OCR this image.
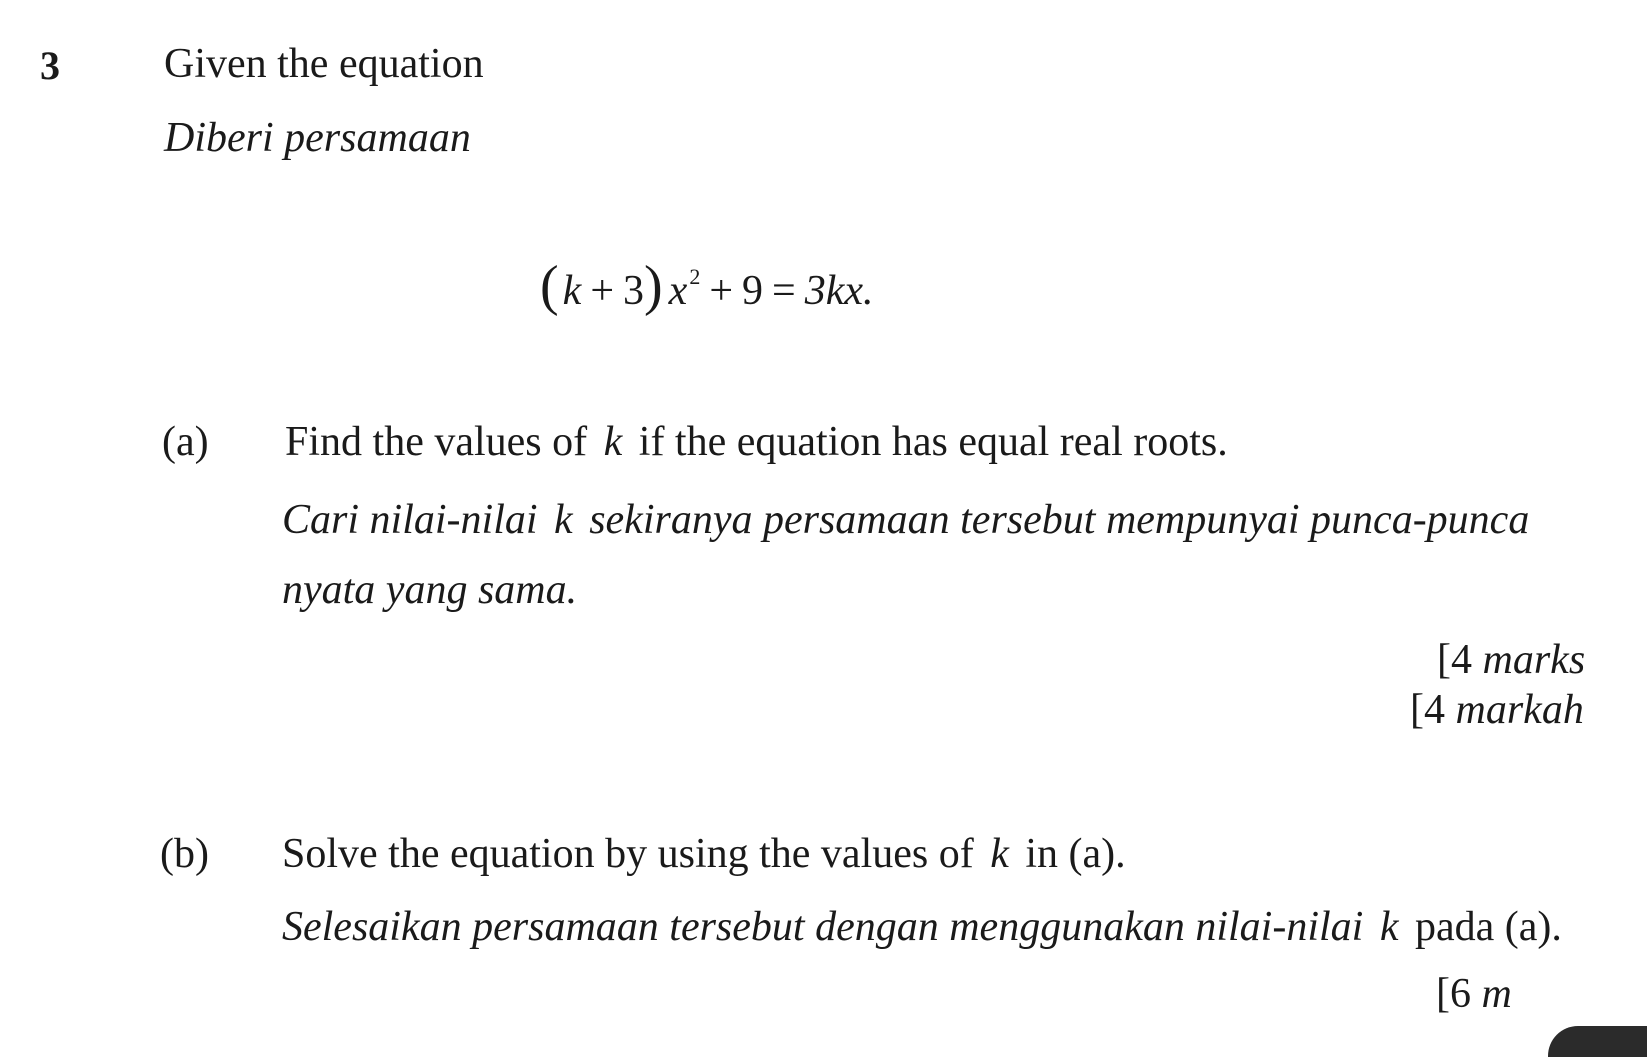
3 Given the equation
Diberi persamaan
( k + 3 ) x 2 + 9 = 3kx.
(a) Find the values of k if the equation has equal real roots.
Cari nilai-nilai k sekiranya persamaan tersebut mempunyai punca-punca
nyata yang sama.
[4 marks
[4 markah
(b) Solve the equation by using the values of k in (a).
Selesaikan persamaan tersebut dengan menggunakan nilai-nilai k pada (a).
[6 m
